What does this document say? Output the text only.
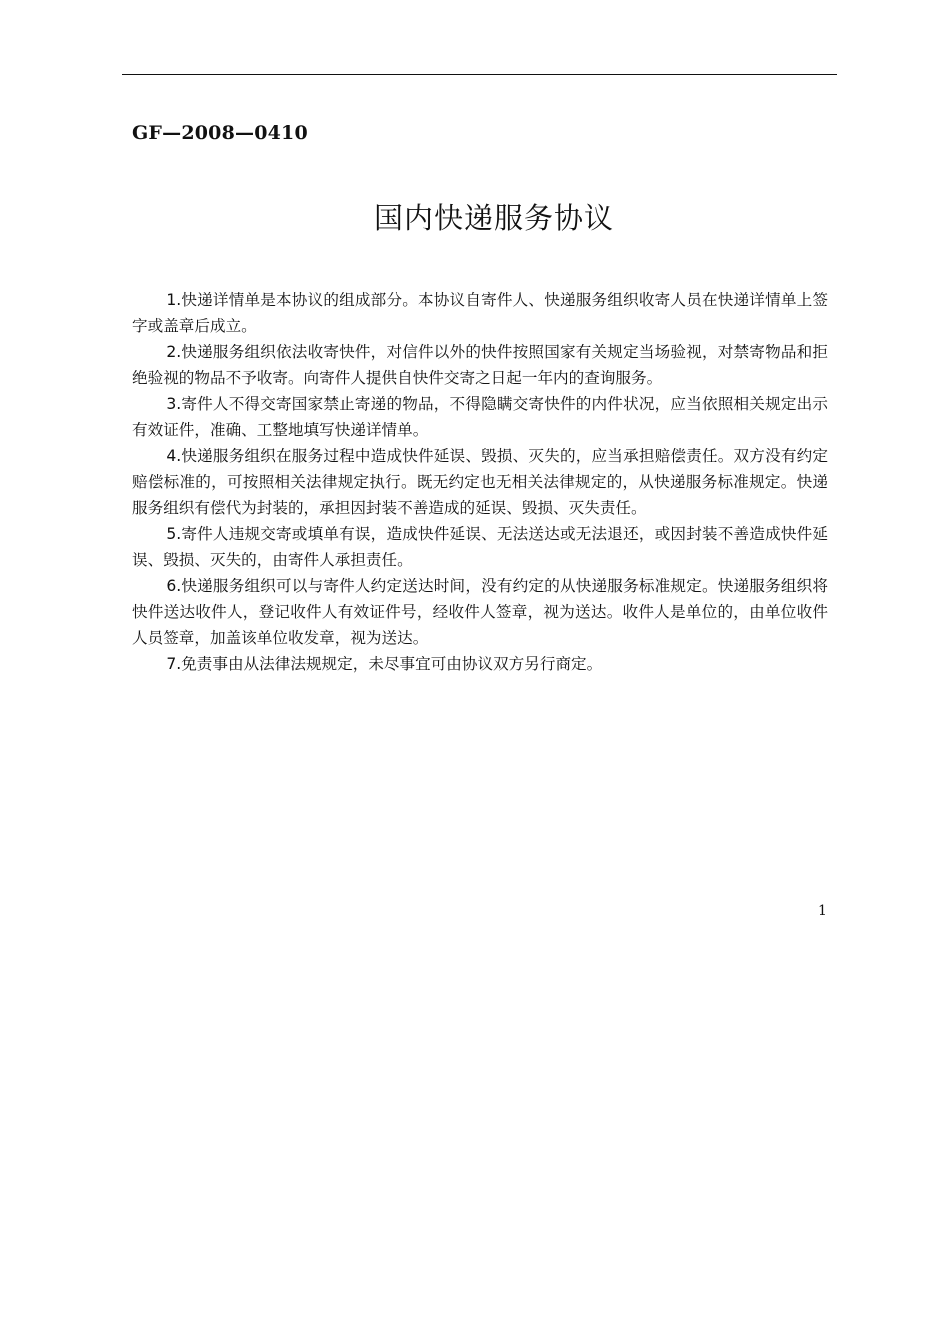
GF—2008—0410
国内快递服务协议

1.快递详情单是本协议的组成部分。本协议自寄件人、快递服务组织收寄人员在快递详情单上签字或盖章后成立。

2.快递服务组织依法收寄快件，对信件以外的快件按照国家有关规定当场验视，对禁寄物品和拒绝验视的物品不予收寄。向寄件人提供自快件交寄之日起一年内的查询服务。

3.寄件人不得交寄国家禁止寄递的物品，不得隐瞒交寄快件的内件状况，应当依照相关规定出示有效证件，准确、工整地填写快递详情单。

4.快递服务组织在服务过程中造成快件延误、毁损、灭失的，应当承担赔偿责任。双方没有约定赔偿标准的，可按照相关法律规定执行。既无约定也无相关法律规定的，从快递服务标准规定。快递服务组织有偿代为封装的，承担因封装不善造成的延误、毁损、灭失责任。

5.寄件人违规交寄或填单有误，造成快件延误、无法送达或无法退还，或因封装不善造成快件延误、毁损、灭失的，由寄件人承担责任。

6.快递服务组织可以与寄件人约定送达时间，没有约定的从快递服务标准规定。快递服务组织将快件送达收件人，登记收件人有效证件号，经收件人签章，视为送达。收件人是单位的，由单位收件人员签章，加盖该单位收发章，视为送达。

7.免责事由从法律法规规定，未尽事宜可由协议双方另行商定。

1
